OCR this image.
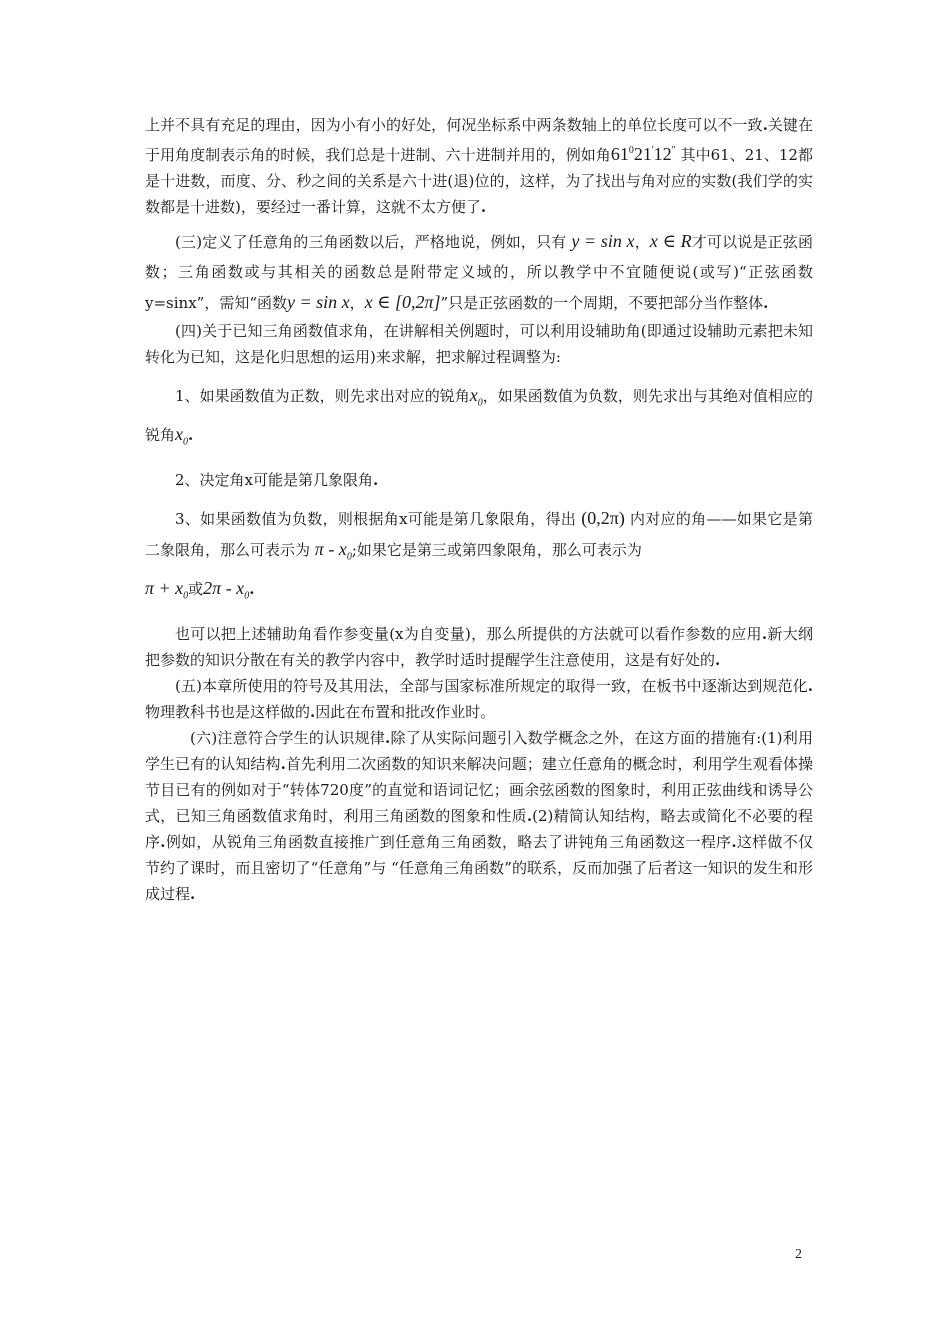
上并不具有充足的理由，因为小有小的好处，何况坐标系中两条数轴上的单位长度可以不一致.关键在于用角度制表示角的时候，我们总是十进制、六十进制并用的，例如角$61^021'12^"$ 其中61、21、12都是十进数，而度、分、秒之间的关系是六十进(退)位的，这样，为了找出与角对应的实数(我们学的实数都是十进数)，要经过一番计算，这就不太方便了.

(三)定义了任意角的三角函数以后，严格地说，例如，只有 y = sin x，x ∈ R才可以说是正弦函数；三角函数或与其相关的函数总是附带定义域的，所以教学中不宜随便说(或写)“正弦函数y=sinx”，需知“函数y = sin x，x ∈ [0,2π]”只是正弦函数的一个周期，不要把部分当作整体.

(四)关于已知三角函数值求角，在讲解相关例题时，可以利用设辅助角(即通过设辅助元素把未知转化为已知，这是化归思想的运用)来求解，把求解过程调整为:

1、如果函数值为正数，则先求出对应的锐角$x_0$，如果函数值为负数，则先求出与其绝对值相应的锐角$x_0$.

2、决定角x可能是第几象限角.

3、如果函数值为负数，则根据角x可能是第几象限角，得出 (0,2π) 内对应的角——如果它是第二象限角，那么可表示为 π - $x_0$;如果它是第三或第四象限角，那么可表示为
$\pi + x_0$或$2\pi - x_0$.

也可以把上述辅助角看作参变量(x为自变量)，那么所提供的方法就可以看作参数的应用.新大纲把参数的知识分散在有关的教学内容中，教学时适时提醒学生注意使用，这是有好处的.

(五)本章所使用的符号及其用法，全部与国家标准所规定的取得一致，在板书中逐渐达到规范化.物理教科书也是这样做的.因此在布置和批改作业时。

(六)注意符合学生的认识规律.除了从实际问题引入数学概念之外，在这方面的措施有:(1)利用学生已有的认知结构.首先利用二次函数的知识来解决问题；建立任意角的概念时，利用学生观看体操节目已有的例如对于“转体720度”的直觉和语词记忆；画余弦函数的图象时，利用正弦曲线和诱导公式，已知三角函数值求角时，利用三角函数的图象和性质.(2)精简认知结构，略去或简化不必要的程序.例如，从锐角三角函数直接推广到任意角三角函数，略去了讲钝角三角函数这一程序.这样做不仅节约了课时，而且密切了“任意角”与 “任意角三角函数”的联系，反而加强了后者这一知识的发生和形成过程.

2
